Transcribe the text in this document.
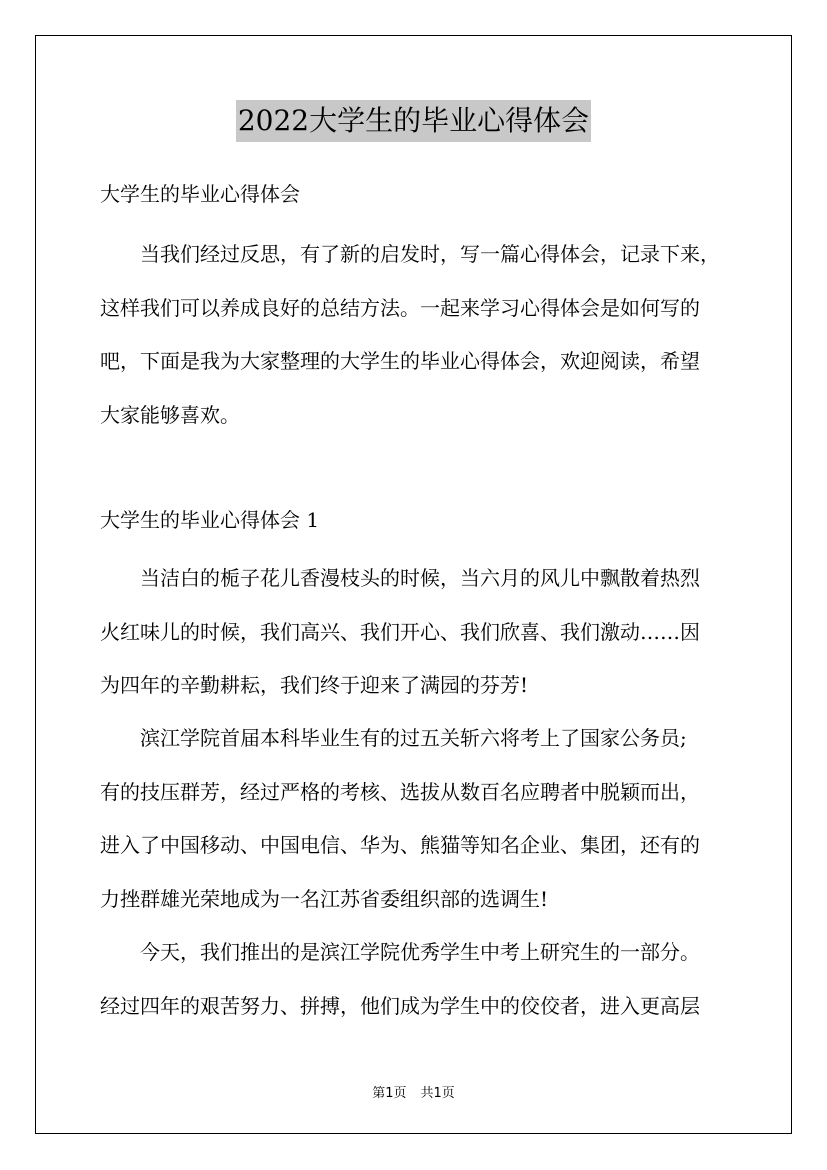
2022大学生的毕业心得体会
大学生的毕业心得体会
当我们经过反思，有了新的启发时，写一篇心得体会，记录下来，
这样我们可以养成良好的总结方法。一起来学习心得体会是如何写的
吧，下面是我为大家整理的大学生的毕业心得体会，欢迎阅读，希望
大家能够喜欢。
大学生的毕业心得体会 1
当洁白的栀子花儿香漫枝头的时候，当六月的风儿中飘散着热烈
火红味儿的时候，我们高兴、我们开心、我们欣喜、我们激动……因
为四年的辛勤耕耘，我们终于迎来了满园的芬芳!
滨江学院首届本科毕业生有的过五关斩六将考上了国家公务员;
有的技压群芳，经过严格的考核、选拔从数百名应聘者中脱颖而出，
进入了中国移动、中国电信、华为、熊猫等知名企业、集团，还有的
力挫群雄光荣地成为一名江苏省委组织部的选调生!
今天，我们推出的是滨江学院优秀学生中考上研究生的一部分。
经过四年的艰苦努力、拼搏，他们成为学生中的佼佼者，进入更高层
第1页 共1页
